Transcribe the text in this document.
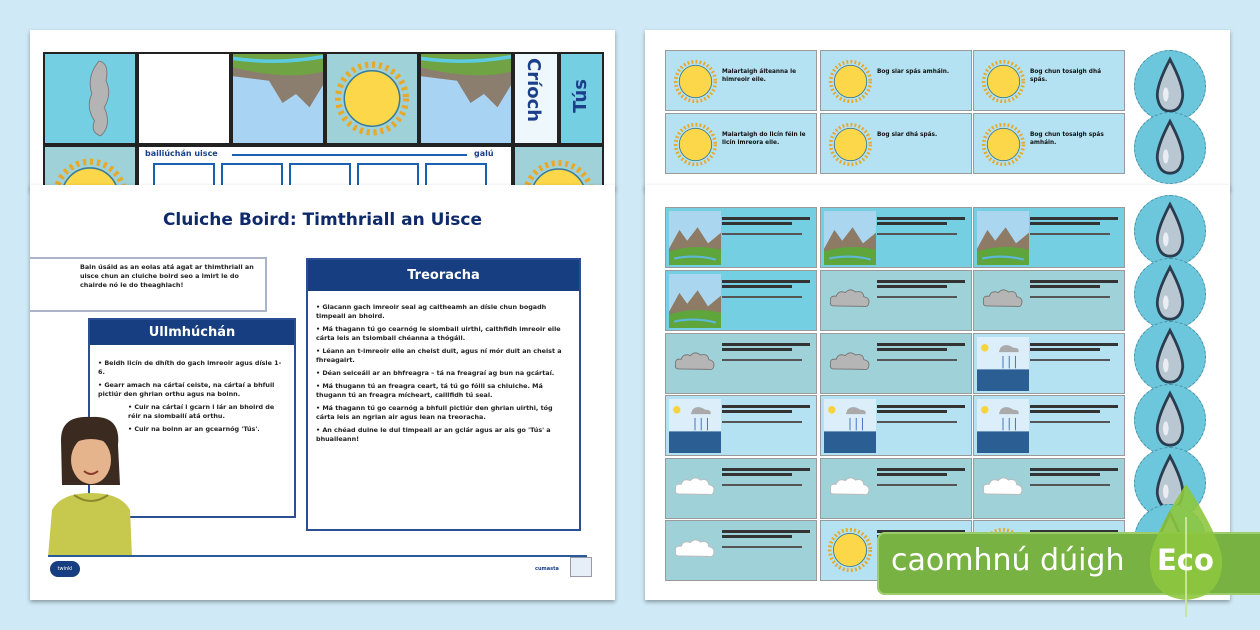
Críoch Tús
bailiúchán uisce	galú
Cluiche Boird: Timthriall an Uisce
Bain úsáid as an eolas atá agat ar thimthriall an uisce chun an cluiche boird seo a imirt le do chairde nó le do theaghlach!
Ullmhúchán
• Beidh licín de dhíth do gach imreoir agus dísle 1-6.
• Gearr amach na cártaí ceiste, na cártaí a bhfuil pictiúr den ghrian orthu agus na boinn.
• Cuir na cártaí i gcarn i lár an bhoird de réir na siombailí atá orthu.
• Cuir na boinn ar an gcearnóg 'Tús'.
Treoracha
• Glacann gach imreoir seal ag caitheamh an dísle chun bogadh timpeall an bhoird.
• Má thagann tú go cearnóg le siombail uirthi, caithfidh imreoir eile cárta leis an tsiombail chéanna a thógáil.
• Léann an t-imreoir eile an cheist duit, agus ní mór duit an cheist a fhreagairt.
• Déan seiceáil ar an bhfreagra – tá na freagraí ag bun na gcártaí.
• Má thugann tú an freagra ceart, tá tú go fóill sa chluiche. Má thugann tú an freagra mícheart, caillfidh tú seal.
• Má thagann tú go cearnóg a bhfuil pictiúr den ghrian uirthi, tóg cárta leis an ngrian air agus lean na treoracha.
• An chéad duine le dul timpeall ar an gclár agus ar ais go 'Tús' a bhuaileann!
twinkl	cumasta
Malartaigh áiteanna le himreoir eile.
Bog siar spás amháin.	Bog chun tosaigh dhá spás.
Malartaigh do licín féin le licín imreora eile.
Bog siar dhá spás.	Bog chun tosaigh spás amháin.
caomhnú dúigh Eco
